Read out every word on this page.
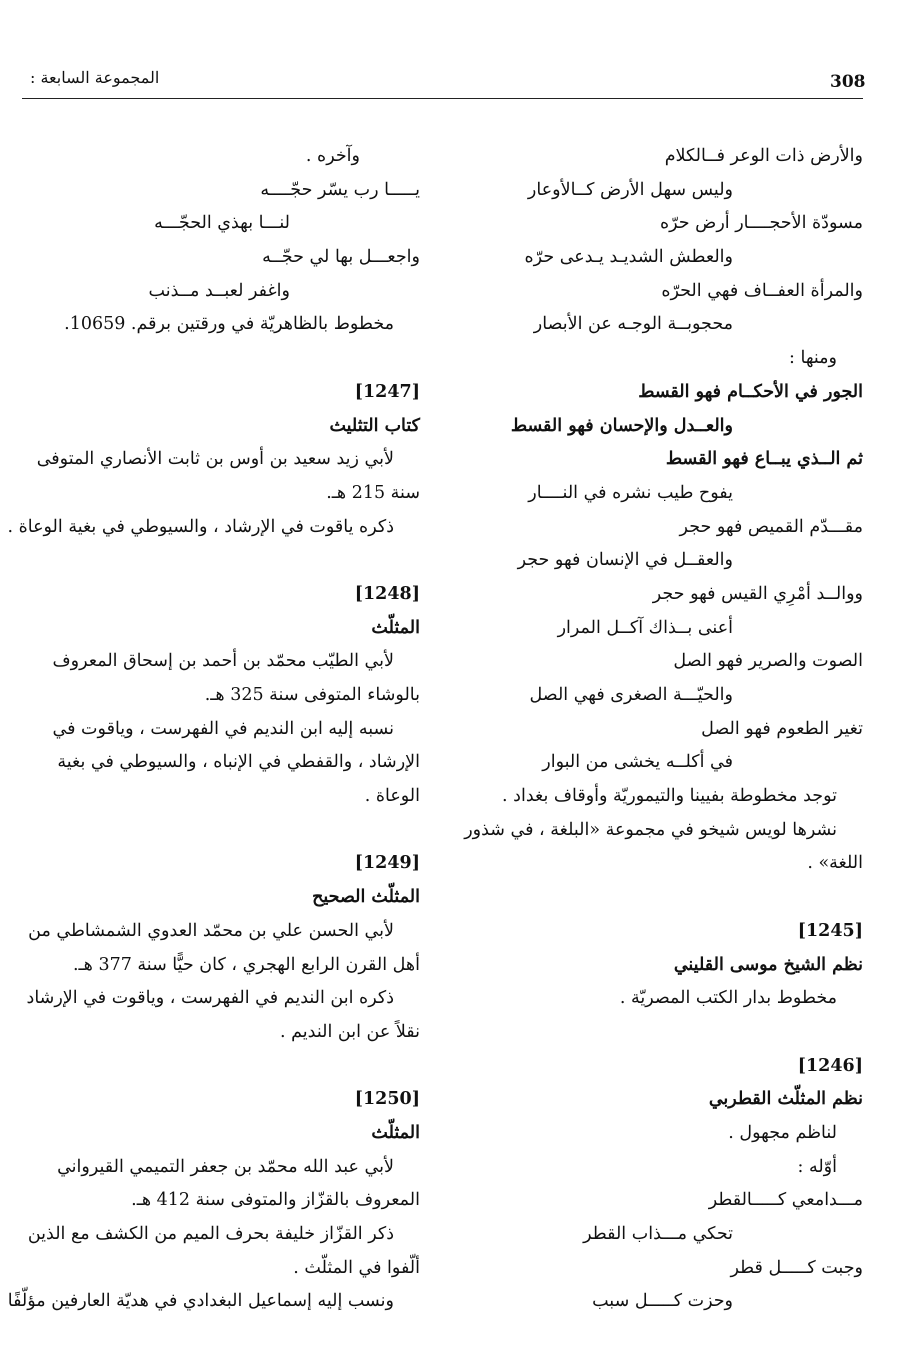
308
المجموعة السابعة :
والأرض ذات الوعر فــالكلام
وليس سهل الأرض كــالأوعار
مسودّة الأحجــــار أرض حرّه
والعطش الشديـد يـدعى حرّه
والمرأة العفــاف فهي الحرّه
محجوبــة الوجـه عن الأبصار
ومنها :
الجور في الأحكــام فهو القسط
والعــدل والإحسان فهو القسط
ثم الــذي يبــاع فهو القسط
يفوح طيب نشره في النــــار
مقـــدّم القميص فهو حجر
والعقــل في الإنسان فهو حجر
ووالــد أمْرِي القيس فهو حجر
أعنى بــذاك آكــل المرار
الصوت والصرير فهو الصل
والحيّـــة الصغرى فهي الصل
تغير الطعوم فهو الصل
في أكلــه يخشى من البوار
توجد مخطوطة بفيينا والتيموريّة وأوقاف بغداد .
نشرها لويس شيخو في مجموعة «البلغة ، في شذور
اللغة» .
[1245]
نظم الشيخ موسى القليني
مخطوط بدار الكتب المصريّة .
[1246]
نظم المثلّث القطربي
لناظم مجهول .
أوّله :
مـــدامعي كـــــالقطر
تحكي مـــذاب القطر
وجبت كـــــل قطر
وحزت كـــــل سبب
وآخره .
يـــــا رب يسّر حجّــــه
لنـــا بهذي الحجّـــه
واجعـــل بها لي حجّــه
واغفر لعبــد مــذنب
مخطوط بالظاهريّة في ورقتين برقم. 10659.
[1247]
كتاب التثليث
لأبي زيد سعيد بن أوس بن ثابت الأنصاري المتوفى
سنة 215 هـ.
ذكره ياقوت في الإرشاد ، والسيوطي في بغية الوعاة .
[1248]
المثلّث
لأبي الطيّب محمّد بن أحمد بن إسحاق المعروف
بالوشاء المتوفى سنة 325 هـ.
نسبه إليه ابن النديم في الفهرست ، وياقوت في
الإرشاد ، والقفطي في الإنباه ، والسيوطي في بغية
الوعاة .
[1249]
المثلّث الصحيح
لأبي الحسن علي بن محمّد العدوي الشمشاطي من
أهل القرن الرابع الهجري ، كان حيًّا سنة 377 هـ.
ذكره ابن النديم في الفهرست ، وياقوت في الإرشاد
نقلاً عن ابن النديم .
[1250]
المثلّث
لأبي عبد الله محمّد بن جعفر التميمي القيرواني
المعروف بالقزّاز والمتوفى سنة 412 هـ.
ذكر القزّاز خليفة بحرف الميم من الكشف مع الذين
ألّفوا في المثلّث .
ونسب إليه إسماعيل البغدادي في هديّة العارفين مؤلّفًا
